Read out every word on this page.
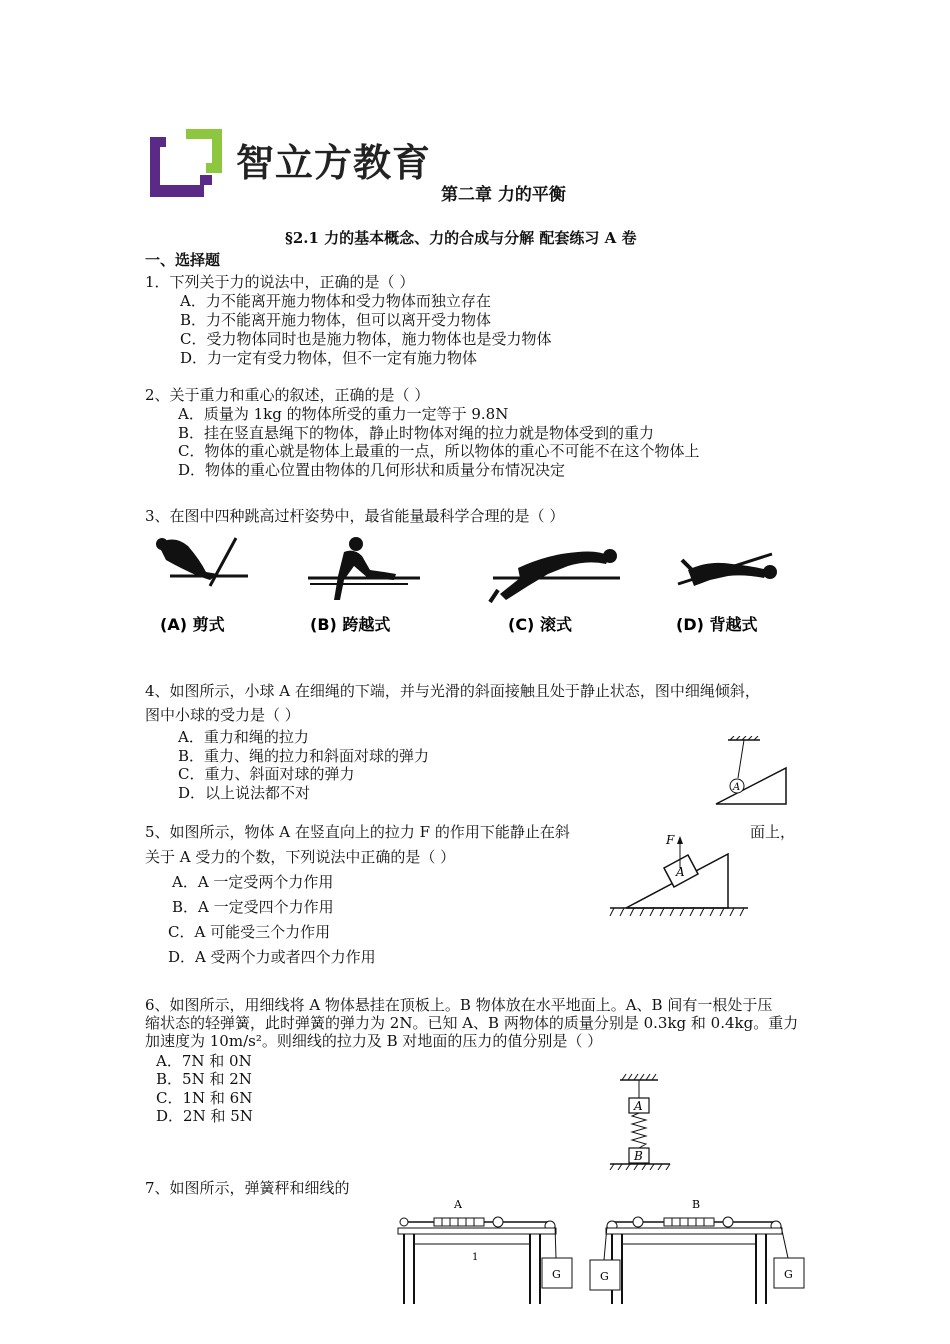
智立方教育
第二章 力的平衡
§2.1 力的基本概念、力的合成与分解 配套练习 A 卷
一、选择题
1．下列关于力的说法中，正确的是（ ）
A．力不能离开施力物体和受力物体而独立存在
B．力不能离开施力物体，但可以离开受力物体
C．受力物体同时也是施力物体，施力物体也是受力物体
D．力一定有受力物体，但不一定有施力物体
2、关于重力和重心的叙述，正确的是（ ）
A．质量为 1kg 的物体所受的重力一定等于 9.8N
B．挂在竖直悬绳下的物体，静止时物体对绳的拉力就是物体受到的重力
C．物体的重心就是物体上最重的一点，所以物体的重心不可能不在这个物体上
D．物体的重心位置由物体的几何形状和质量分布情况决定
3、在图中四种跳高过杆姿势中，最省能量最科学合理的是（ ）
(A) 剪式	(B) 跨越式	(C) 滚式	(D) 背越式
4、如图所示，小球 A 在细绳的下端，并与光滑的斜面接触且处于静止状态，图中细绳倾斜，
图中小球的受力是（ ）
A．重力和绳的拉力
B．重力、绳的拉力和斜面对球的弹力
C．重力、斜面对球的弹力
D．以上说法都不对	A
5、如图所示，物体 A 在竖直向上的拉力 F 的作用下能静止在斜	面上，
关于 A 受力的个数，下列说法中正确的是（ ）
A．A 一定受两个力作用
B．A 一定受四个力作用
C．A 可能受三个力作用
D．A 受两个力或者四个力作用
F
A
6、如图所示，用细线将 A 物体悬挂在顶板上。B 物体放在水平地面上。A、B 间有一根处于压
缩状态的轻弹簧，此时弹簧的弹力为 2N。已知 A、B 两物体的质量分别是 0.3kg 和 0.4kg。重力
加速度为 10m/s²。则细线的拉力及 B 对地面的压力的值分别是（ ）
A．7N 和 0N
B．5N 和 2N
C．1N 和 6N
D．2N 和 5N
A
B
7、如图所示，弹簧秤和细线的
A
1
G
B
G	G
